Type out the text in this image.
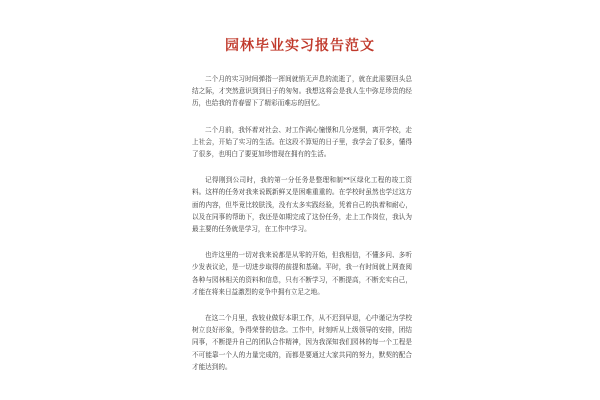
园林毕业实习报告范文

二个月的实习时间弹指一挥间就悄无声息的流逝了，就在此需要回头总结之际，才突然意识到到日子的匆匆。我想这将会是我人生中弥足珍贵的经历，也给我的青春留下了精彩而难忘的回忆。

二个月前，我怀着对社会、对工作满心憧憬和几分迷惘，离开学校，走上社会，开始了实习的生活。在这段不算短的日子里，我学会了很多，懂得了很多，也明白了要更加珍惜现在拥有的生活。

记得刚到公司时，我的第一分任务是整理和制**区绿化工程的竣工资料。这样的任务对我来说既新鲜又是困难重重的。在学校时虽然也学过这方面的内容，但毕竟比较肤浅，没有太多实践经验，凭着自己的执着和耐心，以及在同事的帮助下，我还是如期完成了这份任务，走上工作岗位，我认为最主要的任务就是学习，在工作中学习。

也许这里的一切对我来说都是从零的开始，但我相信，不懂多问、多听少发表议论，是一切进步取得的前提和基础。平时，我一有时间就上网查阅各种与园林相关的资料和信息，只有不断学习，不断提高，不断充实自己，才能在将来日益激烈的竞争中拥有立足之地。

在这二个月里，我较业做好本职工作，从不迟到早退，心中谨记为学校树立良好形象，争得荣誉的信念。工作中，时刻听从上级领导的安排，团结同事，不断提升自己的团队合作精神，因为我深知我们园林的每一个工程是不可能靠一个人的力量完成的，而都是要通过大家共同的努力，默契的配合才能达到的。
